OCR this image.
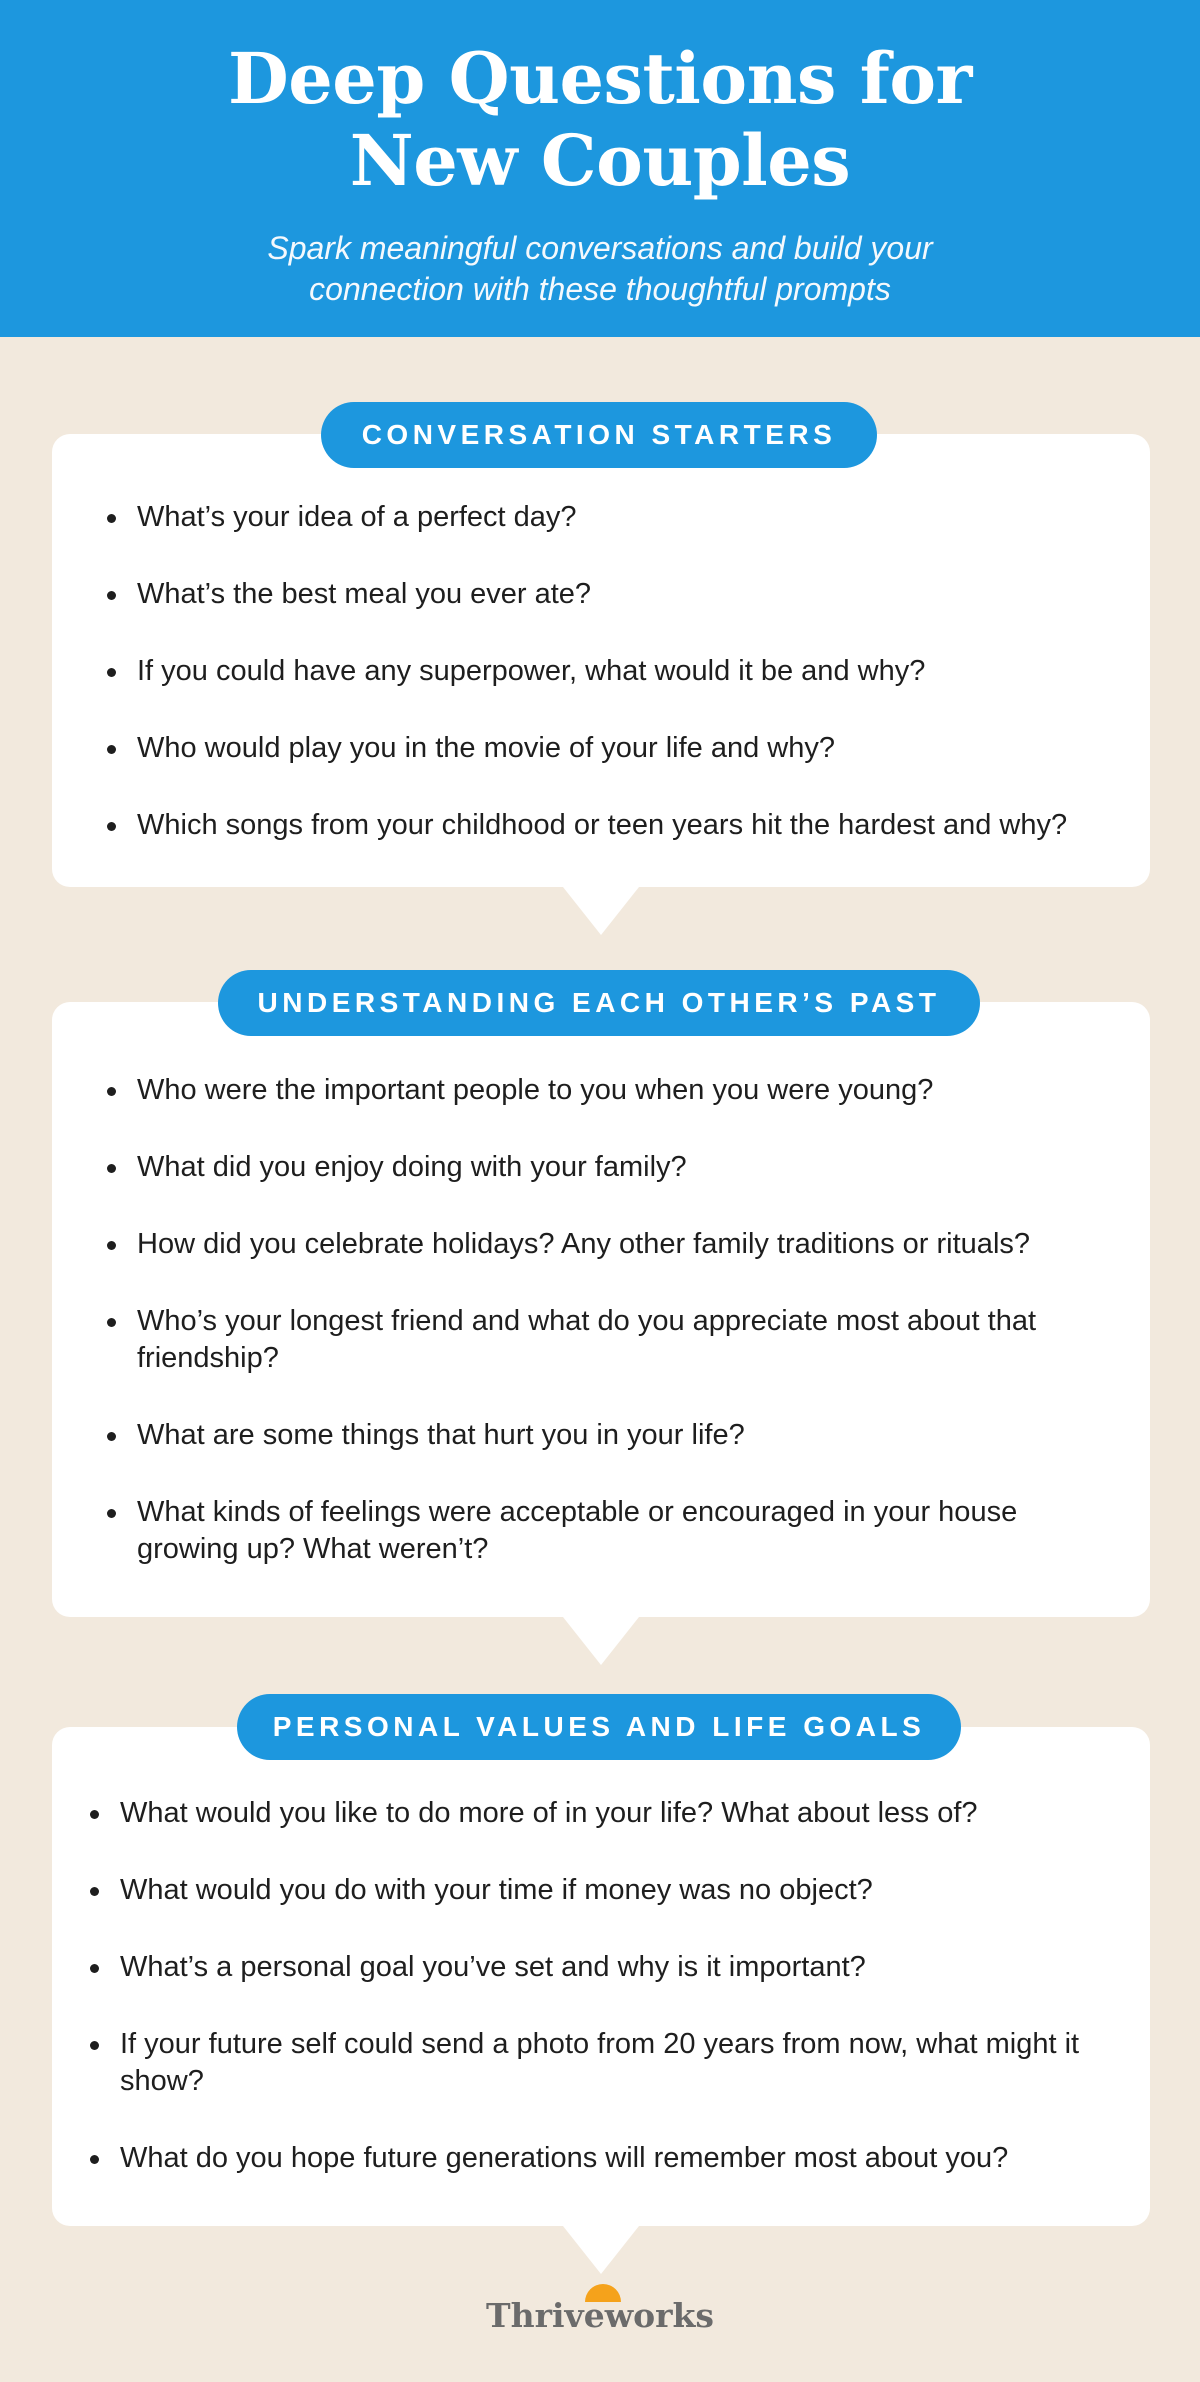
Deep Questions for
New Couples
Spark meaningful conversations and build your
connection with these thoughtful prompts
CONVERSATION STARTERS
What’s your idea of a perfect day?
What’s the best meal you ever ate?
If you could have any superpower, what would it be and why?
Who would play you in the movie of your life and why?
Which songs from your childhood or teen years hit the hardest and why?
UNDERSTANDING EACH OTHER’S PAST
Who were the important people to you when you were young?
What did you enjoy doing with your family?
How did you celebrate holidays? Any other family traditions or rituals?
Who’s your longest friend and what do you appreciate most about that friendship?
What are some things that hurt you in your life?
What kinds of feelings were acceptable or encouraged in your house growing up? What weren’t?
PERSONAL VALUES AND LIFE GOALS
What would you like to do more of in your life? What about less of?
What would you do with your time if money was no object?
What’s a personal goal you’ve set and why is it important?
If your future self could send a photo from 20 years from now, what might it show?
What do you hope future generations will remember most about you?
Thriveworks
